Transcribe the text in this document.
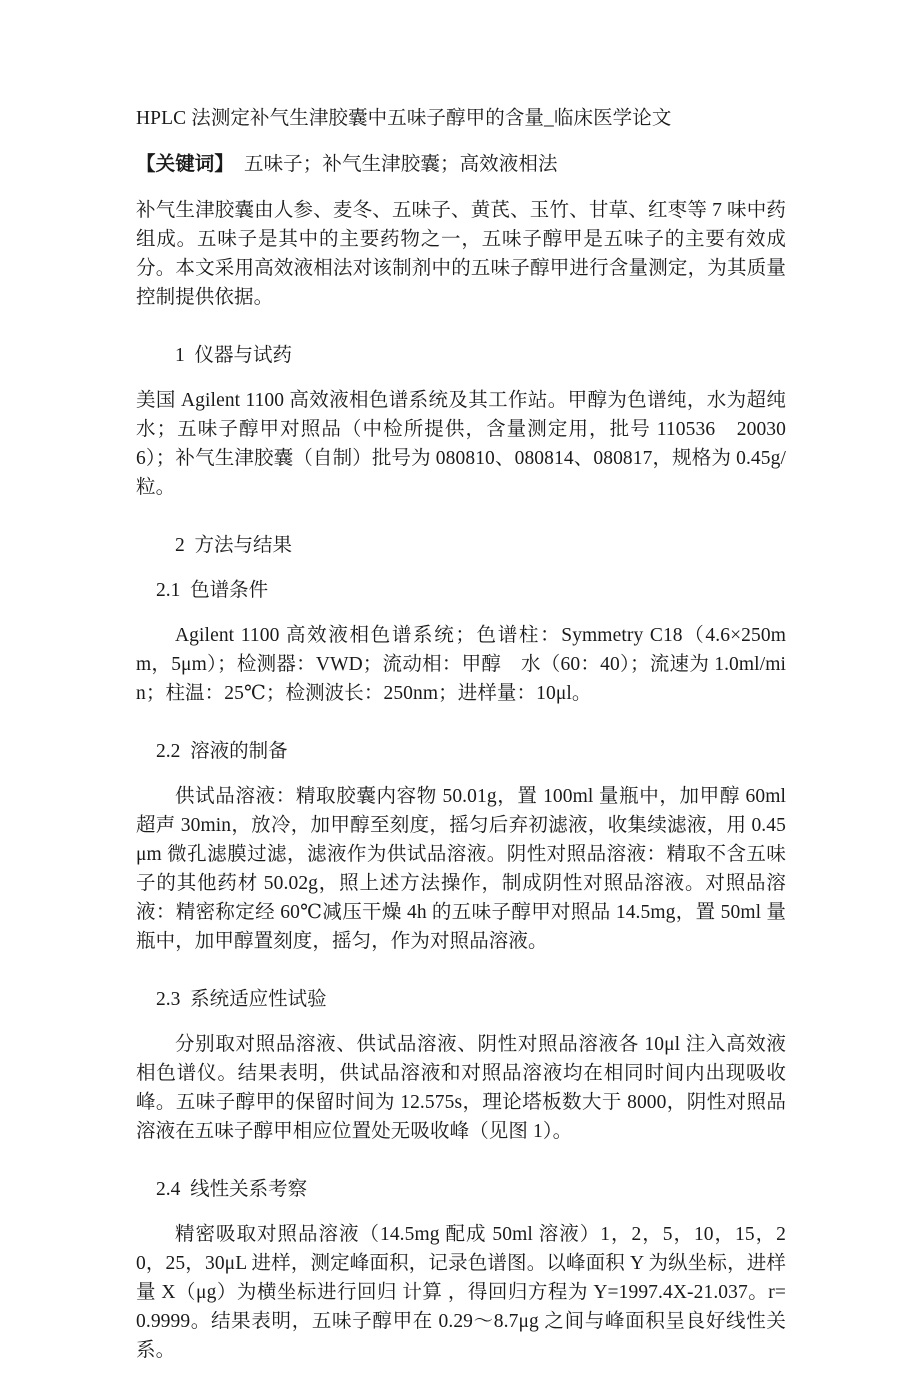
HPLC 法测定补气生津胶囊中五味子醇甲的含量_临床医学论文

【关键词】 五味子；补气生津胶囊；高效液相法

补气生津胶囊由人参、麦冬、五味子、黄芪、玉竹、甘草、红枣等 7 味中药组成。五味子是其中的主要药物之一，五味子醇甲是五味子的主要有效成分。本文采用高效液相法对该制剂中的五味子醇甲进行含量测定，为其质量控制提供依据。

1  仪器与试药

美国 Agilent 1100 高效液相色谱系统及其工作站。甲醇为色谱纯，水为超纯水；五味子醇甲对照品（中检所提供，含量测定用，批号 110536　200306）；补气生津胶囊（自制）批号为 080810、080814、080817，规格为 0.45g/粒。

2  方法与结果

2.1  色谱条件

Agilent 1100 高效液相色谱系统；色谱柱：Symmetry C18（4.6×250mm，5μm）；检测器：VWD；流动相：甲醇　水（60：40）；流速为 1.0ml/min；柱温：25℃；检测波长：250nm；进样量：10μl。

2.2  溶液的制备

供试品溶液：精取胶囊内容物 50.01g，置 100ml 量瓶中，加甲醇 60ml 超声 30min，放冷，加甲醇至刻度，摇匀后弃初滤液，收集续滤液，用 0.45μm 微孔滤膜过滤，滤液作为供试品溶液。阴性对照品溶液：精取不含五味子的其他药材 50.02g，照上述方法操作，制成阴性对照品溶液。对照品溶液：精密称定经 60℃减压干燥 4h 的五味子醇甲对照品 14.5mg，置 50ml 量瓶中，加甲醇置刻度，摇匀，作为对照品溶液。

2.3  系统适应性试验

分别取对照品溶液、供试品溶液、阴性对照品溶液各 10μl 注入高效液相色谱仪。结果表明，供试品溶液和对照品溶液均在相同时间内出现吸收峰。五味子醇甲的保留时间为 12.575s，理论塔板数大于 8000，阴性对照品溶液在五味子醇甲相应位置处无吸收峰（见图 1）。

2.4  线性关系考察

精密吸取对照品溶液（14.5mg 配成 50ml 溶液）1，2，5，10，15，20，25，30μL 进样，测定峰面积，记录色谱图。以峰面积 Y 为纵坐标，进样量 X（μg）为横坐标进行回归 计算 ，得回归方程为 Y=1997.4X-21.037。r=0.9999。结果表明，五味子醇甲在 0.29～8.7μg 之间与峰面积呈良好线性关系。
